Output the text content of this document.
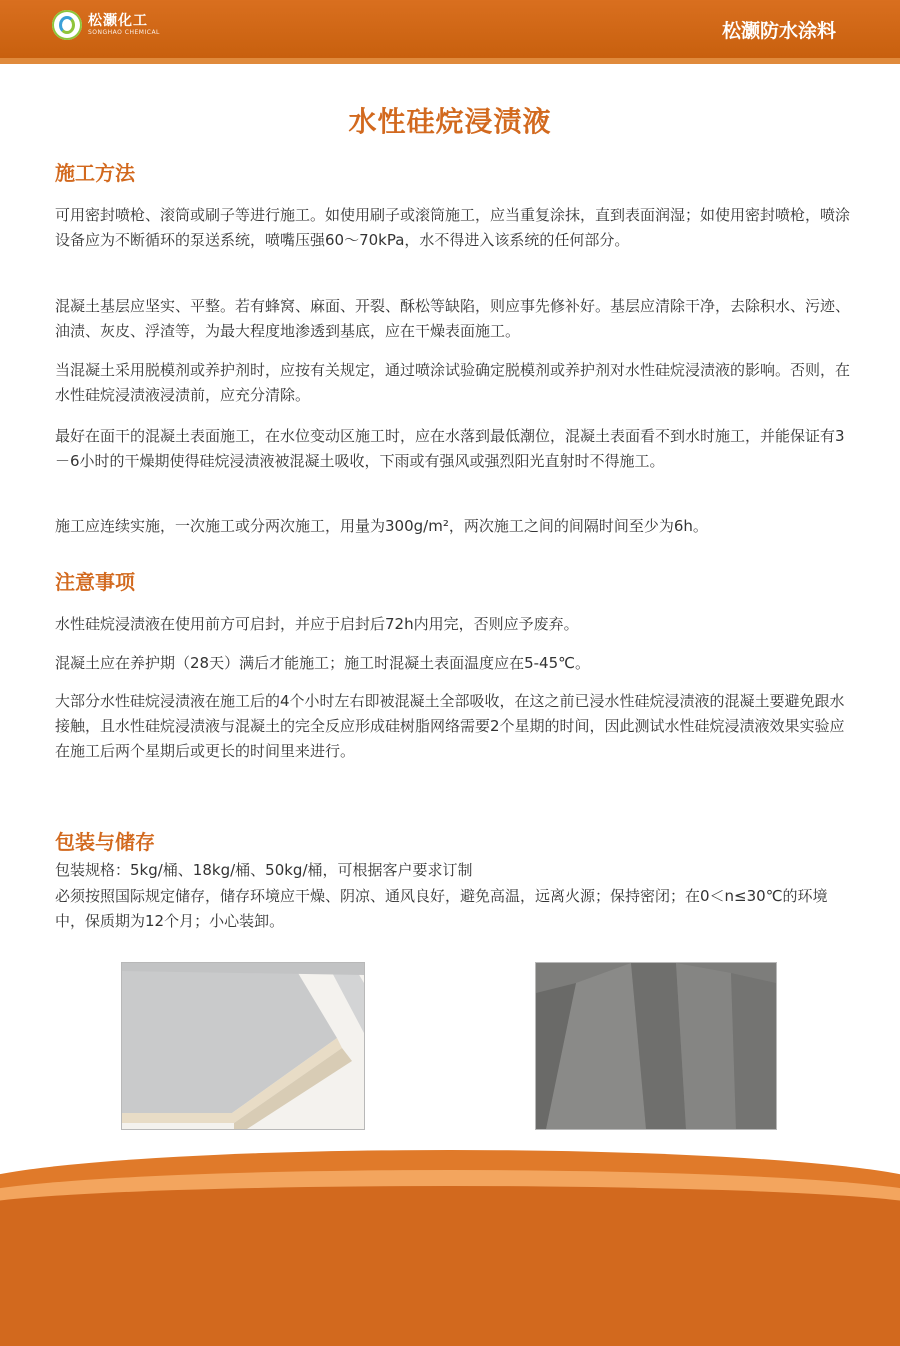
松灏化工
SONGHAO CHEMICAL	松灏防水涂料
水性硅烷浸渍液
施工方法

可用密封喷枪、滚筒或刷子等进行施工。如使用刷子或滚筒施工，应当重复涂抹，直到表面润湿；如使用密封喷枪，喷涂设备应为不断循环的泵送系统，喷嘴压强60～70kPa，水不得进入该系统的任何部分。

混凝土基层应坚实、平整。若有蜂窝、麻面、开裂、酥松等缺陷，则应事先修补好。基层应清除干净，去除积水、污迹、油渍、灰皮、浮渣等，为最大程度地渗透到基底，应在干燥表面施工。

当混凝土采用脱模剂或养护剂时，应按有关规定，通过喷涂试验确定脱模剂或养护剂对水性硅烷浸渍液的影响。否则，在水性硅烷浸渍液浸渍前，应充分清除。

最好在面干的混凝土表面施工，在水位变动区施工时，应在水落到最低潮位，混凝土表面看不到水时施工，并能保证有3－6小时的干燥期使得硅烷浸渍液被混凝土吸收，下雨或有强风或强烈阳光直射时不得施工。

施工应连续实施，一次施工或分两次施工，用量为300g/m²，两次施工之间的间隔时间至少为6h。

注意事项

水性硅烷浸渍液在使用前方可启封，并应于启封后72h内用完，否则应予废弃。

混凝土应在养护期（28天）满后才能施工；施工时混凝土表面温度应在5-45℃。

大部分水性硅烷浸渍液在施工后的4个小时左右即被混凝土全部吸收，在这之前已浸水性硅烷浸渍液的混凝土要避免跟水接触，且水性硅烷浸渍液与混凝土的完全反应形成硅树脂网络需要2个星期的时间，因此测试水性硅烷浸渍液效果实验应在施工后两个星期后或更长的时间里来进行。

包装与储存

包装规格：5kg/桶、18kg/桶、50kg/桶，可根据客户要求订制

必须按照国际规定储存，储存环境应干燥、阴凉、通风良好，避免高温，远离火源；保持密闭；在0＜n≤30℃的环境中，保质期为12个月；小心装卸。
